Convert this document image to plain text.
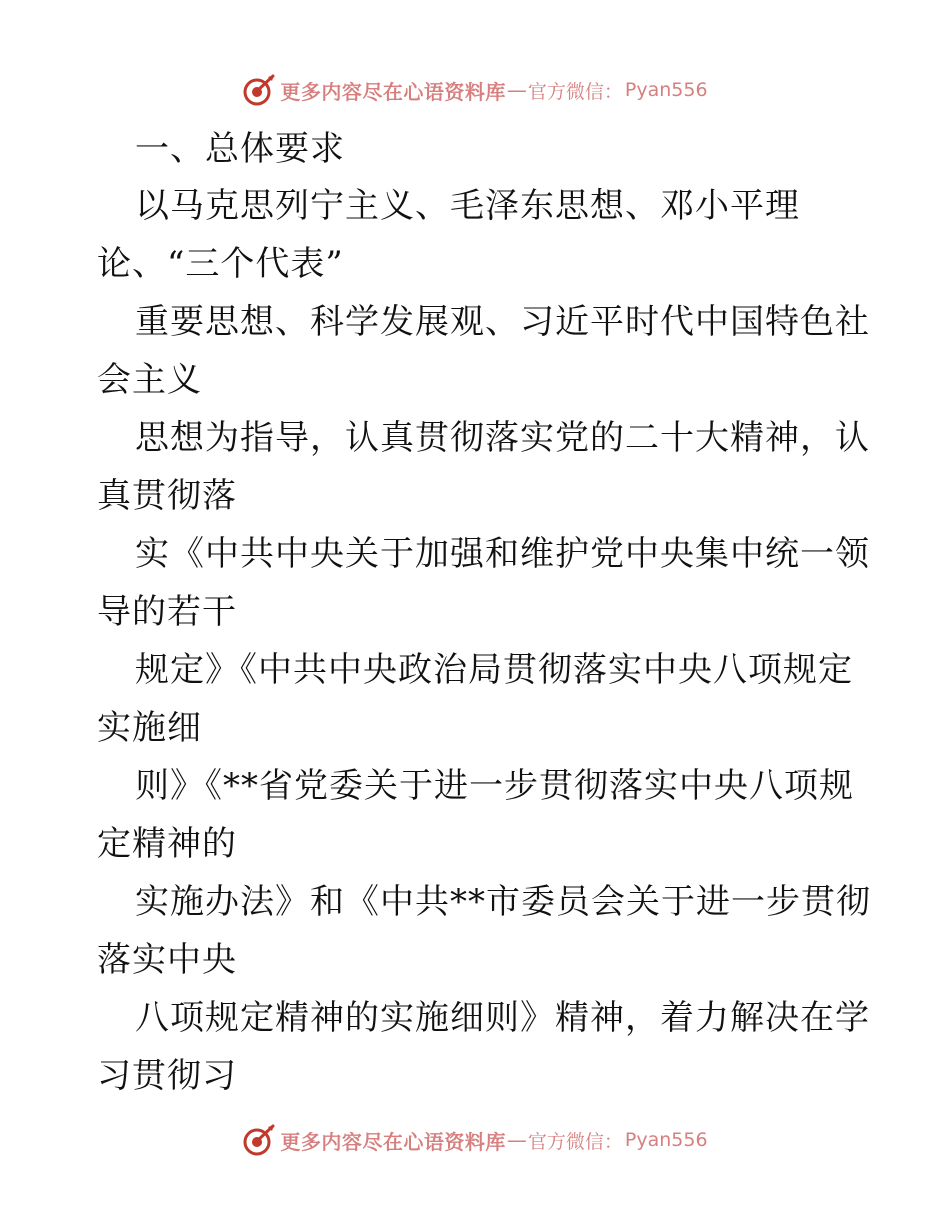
更多内容尽在心语资料库 — 官方微信： Pyan556
一、总体要求
以马克思列宁主义、毛泽东思想、邓小平理
论、“三个代表”
重要思想、科学发展观、习近平时代中国特色社
会主义
思想为指导，认真贯彻落实党的二十大精神，认
真贯彻落
实《中共中央关于加强和维护党中央集中统一领
导的若干
规定》《中共中央政治局贯彻落实中央八项规定
实施细
则》《**省党委关于进一步贯彻落实中央八项规
定精神的
实施办法》和《中共**市委员会关于进一步贯彻
落实中央
八项规定精神的实施细则》精神，着力解决在学
习贯彻习
更多内容尽在心语资料库 — 官方微信： Pyan556
